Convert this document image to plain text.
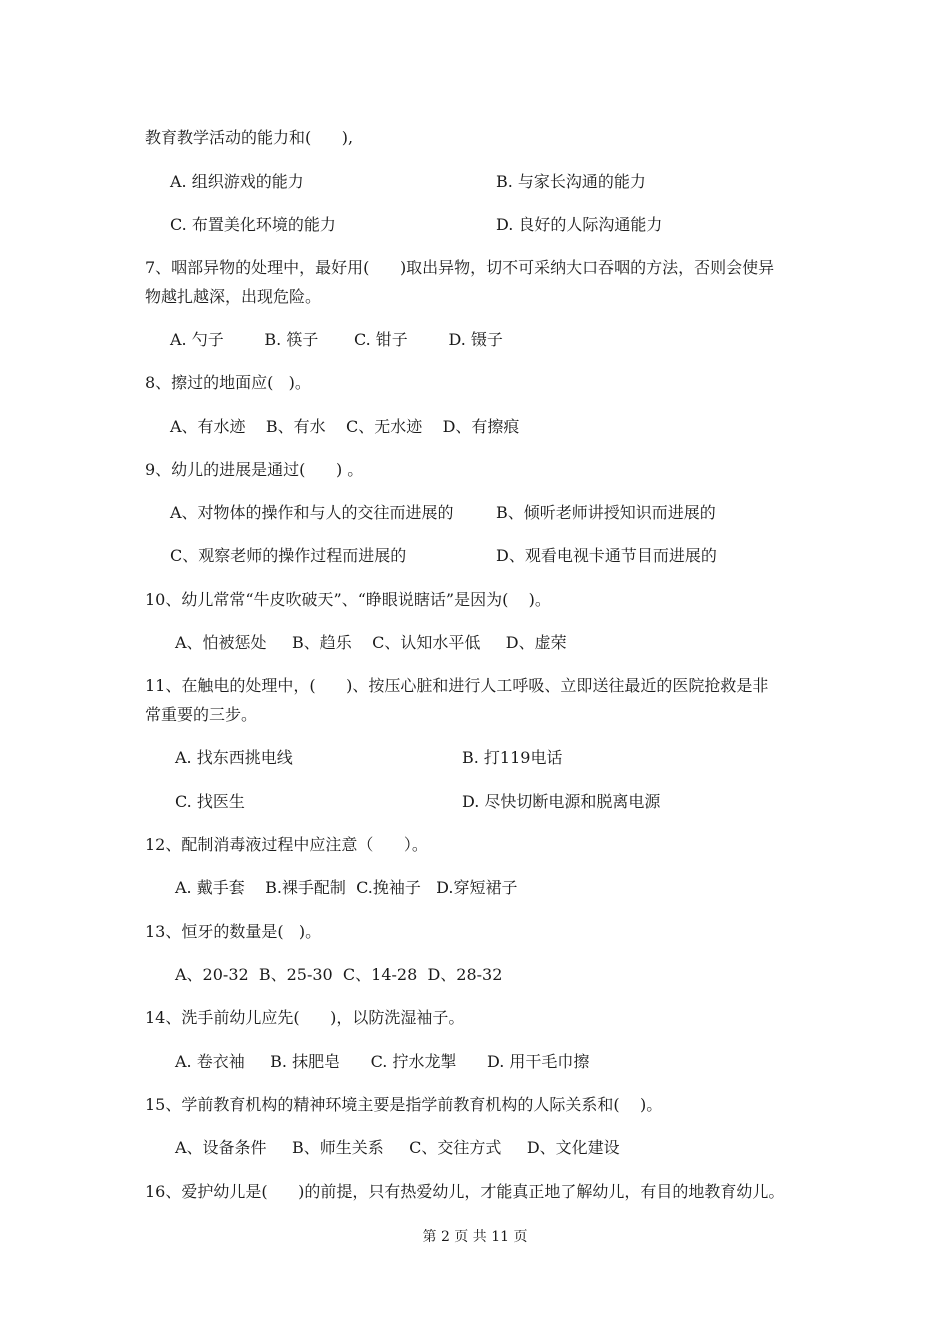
教育教学活动的能力和(      ),
A. 组织游戏的能力	B. 与家长沟通的能力
C. 布置美化环境的能力	D. 良好的人际沟通能力
7、咽部异物的处理中，最好用(      )取出异物，切不可采纳大口吞咽的方法，否则会使异
物越扎越深，出现危险。
A. 勺子        B. 筷子       C. 钳子        D. 镊子
8、擦过的地面应(   )。
A、有水迹    B、有水    C、无水迹    D、有擦痕
9、幼儿的进展是通过(      ) 。
A、对物体的操作和与人的交往而进展的	B、倾听老师讲授知识而进展的
C、观察老师的操作过程而进展的	D、观看电视卡通节目而进展的
10、幼儿常常“牛皮吹破天”、“睁眼说瞎话”是因为(    )。
A、怕被惩处     B、趋乐    C、认知水平低     D、虚荣
11、在触电的处理中，(      )、按压心脏和进行人工呼吸、立即送往最近的医院抢救是非
常重要的三步。
A. 找东西挑电线	B. 打119电话
C. 找医生	D. 尽快切断电源和脱离电源
12、配制消毒液过程中应注意（      ）。
A. 戴手套    B.裸手配制  C.挽袖子   D.穿短裙子
13、恒牙的数量是(   )。
A、20-32  B、25-30  C、14-28  D、28-32
14、洗手前幼儿应先(      )，以防洗湿袖子。
A. 卷衣袖     B. 抹肥皂      C. 拧水龙掣      D. 用干毛巾擦
15、学前教育机构的精神环境主要是指学前教育机构的人际关系和(    )。
A、设备条件     B、师生关系     C、交往方式     D、文化建设
16、爱护幼儿是(      )的前提，只有热爱幼儿，才能真正地了解幼儿，有目的地教育幼儿。
第 2 页 共 11 页
